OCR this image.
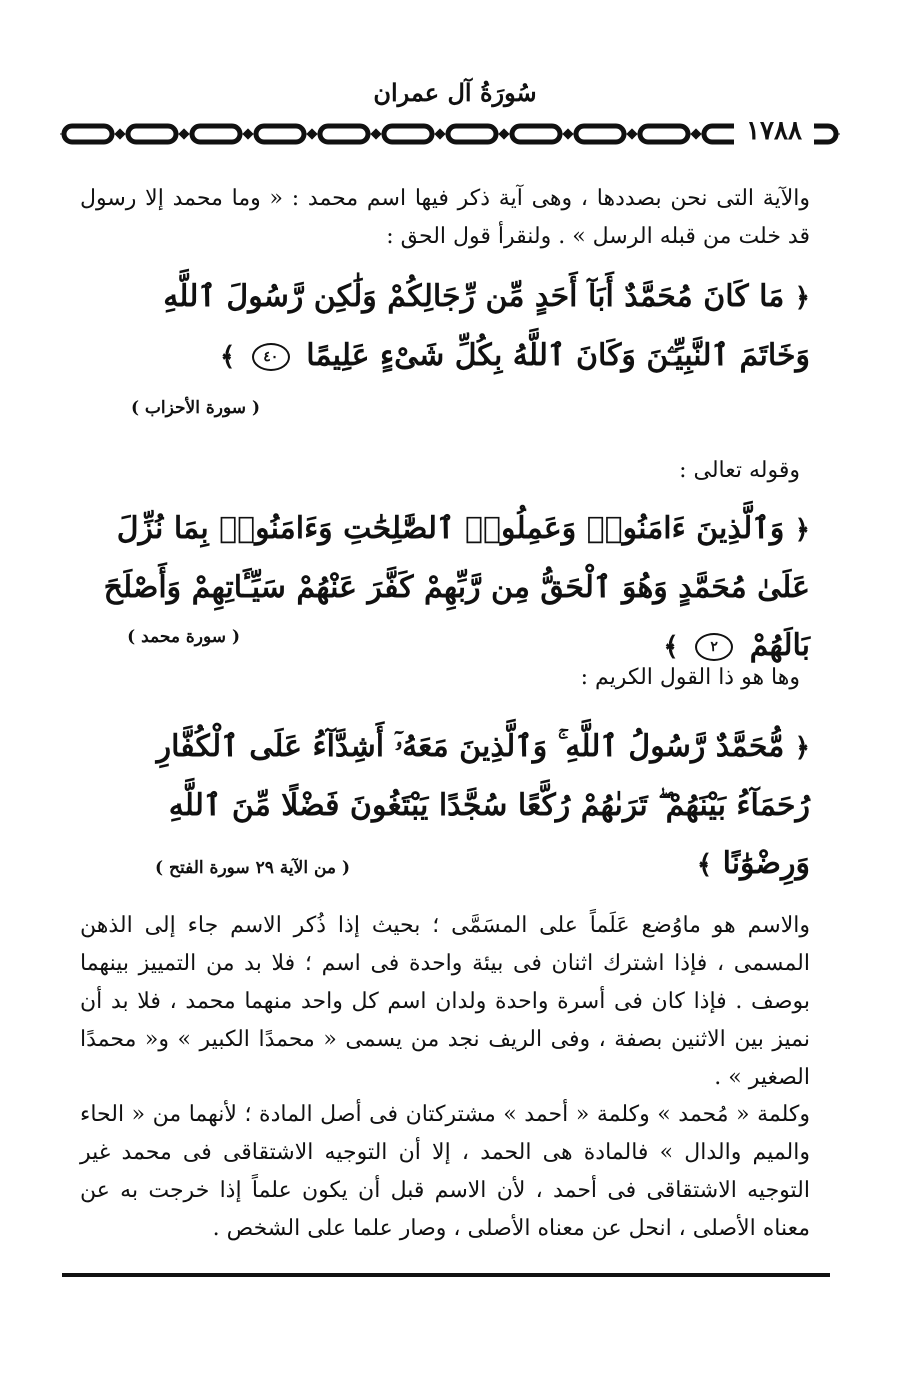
سُورَةُ آل عمران
١٧٨٨
والآية التى نحن بصددها ، وهى آية ذكر فيها اسم محمد : « وما محمد إلا رسول قد خلت من قبله الرسل » . ولنقرأ قول الحق :
﴿ مَا كَانَ مُحَمَّدٌ أَبَآ أَحَدٍ مِّن رِّجَالِكُمْ وَلَٰكِن رَّسُولَ ٱللَّهِ وَخَاتَمَ ٱلنَّبِيِّـۧنَ وَكَانَ ٱللَّهُ بِكُلِّ شَىْءٍ عَلِيمًا ٤٠ ﴾
( سورة الأحزاب )
وقوله تعالى :
﴿ وَٱلَّذِينَ ءَامَنُوا۟ وَعَمِلُوا۟ ٱلصَّٰلِحَٰتِ وَءَامَنُوا۟ بِمَا نُزِّلَ عَلَىٰ مُحَمَّدٍ وَهُوَ ٱلْحَقُّ مِن رَّبِّهِمْ كَفَّرَ عَنْهُمْ سَيِّـَٔاتِهِمْ وَأَصْلَحَ بَالَهُمْ ٢ ﴾
( سورة محمد )
وها هو ذا القول الكريم :
﴿ مُّحَمَّدٌ رَّسُولُ ٱللَّهِ ۚ وَٱلَّذِينَ مَعَهُۥٓ أَشِدَّآءُ عَلَى ٱلْكُفَّارِ رُحَمَآءُ بَيْنَهُمْ ۖ تَرَىٰهُمْ رُكَّعًا سُجَّدًا يَبْتَغُونَ فَضْلًا مِّنَ ٱللَّهِ وَرِضْوَٰنًا ﴾
( من الآية ٢٩ سورة الفتح )
والاسم هو ماوُضع عَلَماً على المسَمَّى ؛ بحيث إذا ذُكر الاسم جاء إلى الذهن المسمى ، فإذا اشترك اثنان فى بيئة واحدة فى اسم ؛ فلا بد من التمييز بينهما بوصف . فإذا كان فى أسرة واحدة ولدان اسم كل واحد منهما محمد ، فلا بد أن نميز بين الاثنين بصفة ، وفى الريف نجد من يسمى « محمدًا الكبير » و« محمدًا الصغير » .
وكلمة « مُحمد » وكلمة « أحمد » مشتركتان فى أصل المادة ؛ لأنهما من « الحاء والميم والدال » فالمادة هى الحمد ، إلا أن التوجيه الاشتقاقى فى محمد غير التوجيه الاشتقاقى فى أحمد ، لأن الاسم قبل أن يكون علماً إذا خرجت به عن معناه الأصلى ، انحل عن معناه الأصلى ، وصار علما على الشخص .
